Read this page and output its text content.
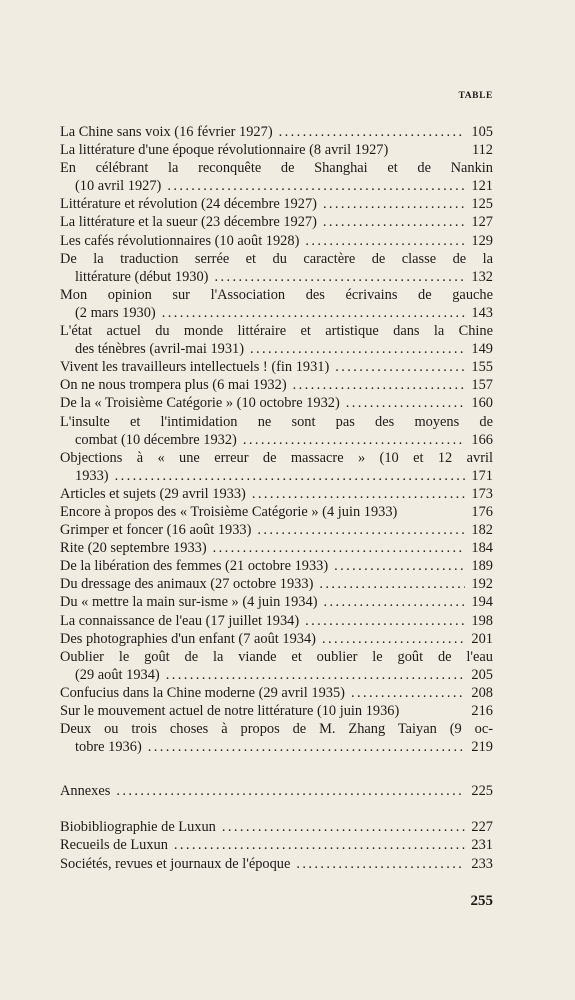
TABLE
La Chine sans voix (16 février 1927) . . .	105
La littérature d'une époque révolutionnaire (8 avril 1927)	112
En célébrant la reconquête de Shanghai et de Nankin
(10 avril 1927) . . .	121
Littérature et révolution (24 décembre 1927) . . .	125
La littérature et la sueur (23 décembre 1927) . . .	127
Les cafés révolutionnaires (10 août 1928) . . .	129
De la traduction serrée et du caractère de classe de la
littérature (début 1930) . . .	132
Mon opinion sur l'Association des écrivains de gauche
(2 mars 1930) . . .	143
L'état actuel du monde littéraire et artistique dans la Chine
des ténèbres (avril-mai 1931) . . .	149
Vivent les travailleurs intellectuels ! (fin 1931) . . .	155
On ne nous trompera plus (6 mai 1932) . . .	157
De la « Troisième Catégorie » (10 octobre 1932) . . .	160
L'insulte et l'intimidation ne sont pas des moyens de
combat (10 décembre 1932) . . .	166
Objections à « une erreur de massacre » (10 et 12 avril
1933) . . .	171
Articles et sujets (29 avril 1933) . . .	173
Encore à propos des « Troisième Catégorie » (4 juin 1933)	176
Grimper et foncer (16 août 1933) . . .	182
Rite (20 septembre 1933) . . .	184
De la libération des femmes (21 octobre 1933) . . .	189
Du dressage des animaux (27 octobre 1933) . . .	192
Du « mettre la main sur-isme » (4 juin 1934) . . .	194
La connaissance de l'eau (17 juillet 1934) . . .	198
Des photographies d'un enfant (7 août 1934) . . .	201
Oublier le goût de la viande et oublier le goût de l'eau
(29 août 1934) . . .	205
Confucius dans la Chine moderne (29 avril 1935) . . .	208
Sur le mouvement actuel de notre littérature (10 juin 1936)	216
Deux ou trois choses à propos de M. Zhang Taiyan (9 oc-
tobre 1936) . . .	219
Annexes . . .	225
Biobibliographie de Luxun . . .	227
Recueils de Luxun . . .	231
Sociétés, revues et journaux de l'époque . . .	233
255
